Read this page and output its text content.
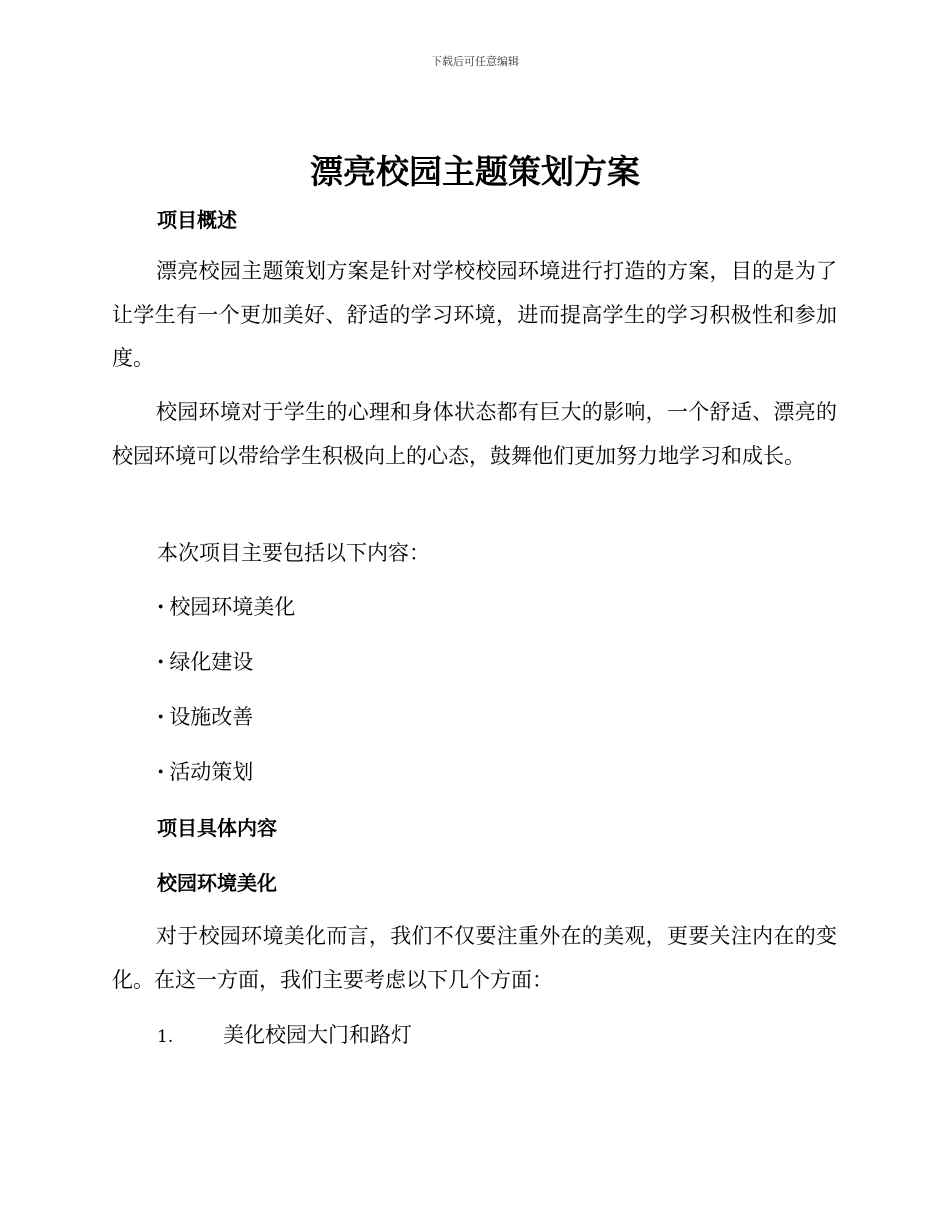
下载后可任意编辑
漂亮校园主题策划方案
项目概述

漂亮校园主题策划方案是针对学校校园环境进行打造的方案，目的是为了让学生有一个更加美好、舒适的学习环境，进而提高学生的学习积极性和参加度。

校园环境对于学生的心理和身体状态都有巨大的影响，一个舒适、漂亮的校园环境可以带给学生积极向上的心态，鼓舞他们更加努力地学习和成长。

本次项目主要包括以下内容：

· 校园环境美化

· 绿化建设

· 设施改善

· 活动策划

项目具体内容
校园环境美化

对于校园环境美化而言，我们不仅要注重外在的美观，更要关注内在的变化。在这一方面，我们主要考虑以下几个方面：

1. 美化校园大门和路灯
